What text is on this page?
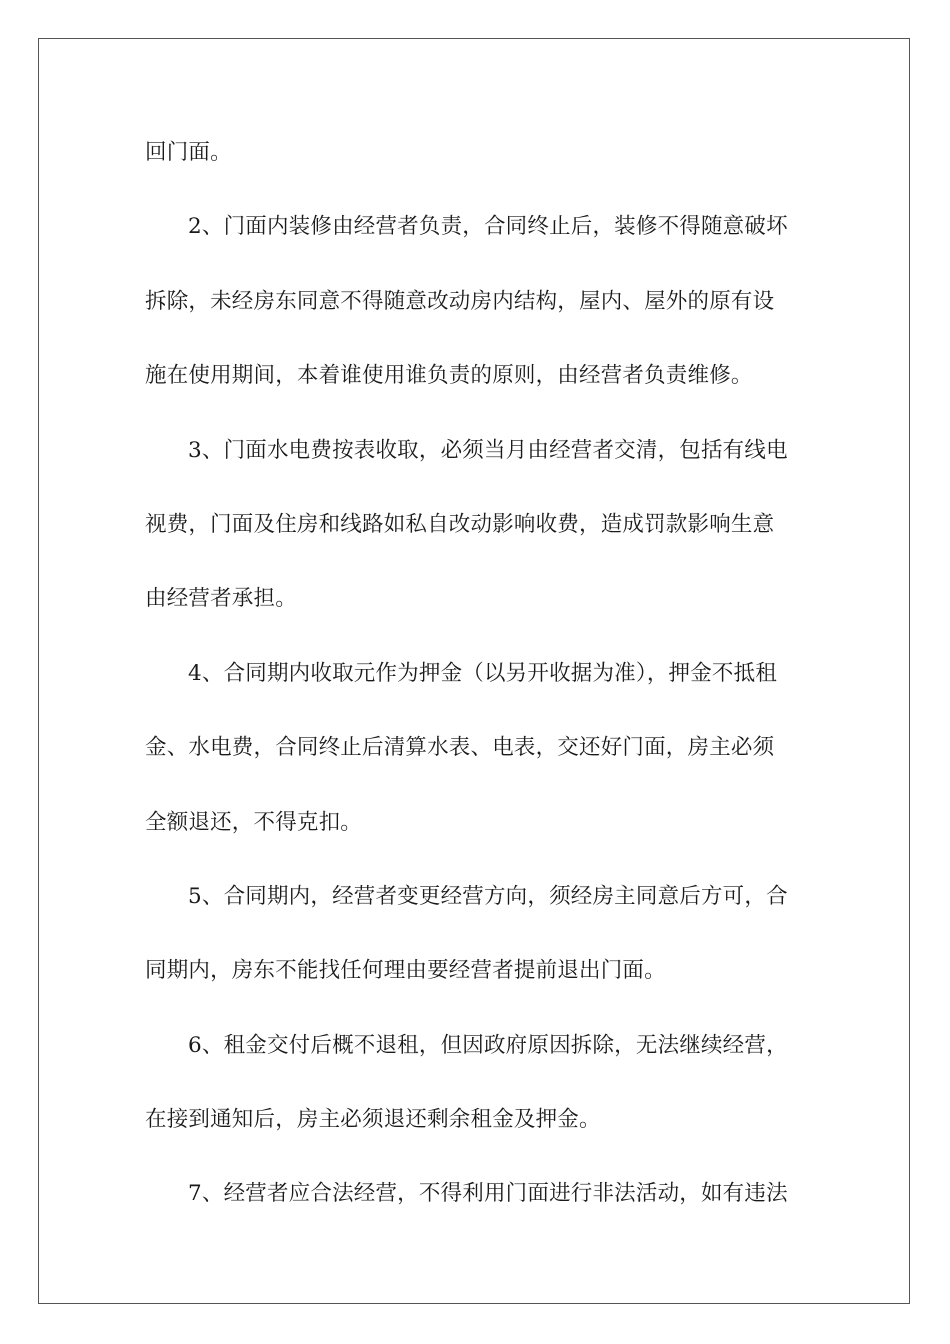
回门面。
2、门面内装修由经营者负责，合同终止后，装修不得随意破坏
拆除，未经房东同意不得随意改动房内结构，屋内、屋外的原有设
施在使用期间，本着谁使用谁负责的原则，由经营者负责维修。
3、门面水电费按表收取，必须当月由经营者交清，包括有线电
视费，门面及住房和线路如私自改动影响收费，造成罚款影响生意
由经营者承担。
4、合同期内收取元作为押金（以另开收据为准），押金不抵租
金、水电费，合同终止后清算水表、电表，交还好门面，房主必须
全额退还，不得克扣。
5、合同期内，经营者变更经营方向，须经房主同意后方可，合
同期内，房东不能找任何理由要经营者提前退出门面。
6、租金交付后概不退租，但因政府原因拆除，无法继续经营，
在接到通知后，房主必须退还剩余租金及押金。
7、经营者应合法经营，不得利用门面进行非法活动，如有违法
